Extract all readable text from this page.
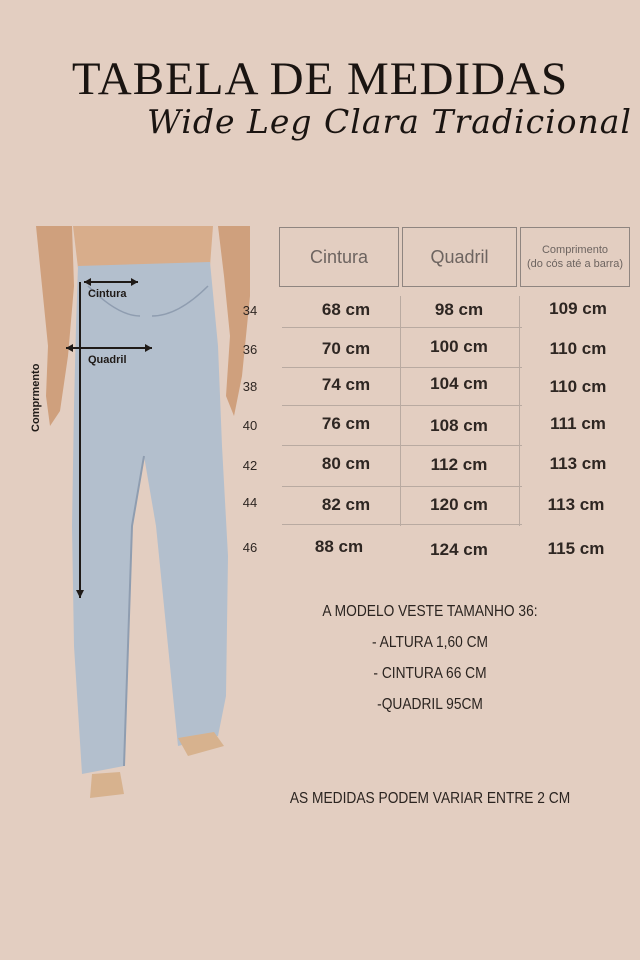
TABELA DE MEDIDAS
Wide Leg Clara Tradicional
Cintura
Quadril
Comprmento
Cintura	Quadril	Comprimento
(do cós até a barra)
34	68 cm	98 cm	109 cm
36	70 cm	100 cm	110 cm
38	74 cm	104 cm	110 cm
40	76 cm	108 cm	111 cm
42	80 cm	112 cm	113 cm
44	82 cm	120 cm	113 cm
46	88 cm	124 cm	115 cm
A MODELO VESTE TAMANHO 36:
- ALTURA 1,60 CM
- CINTURA 66 CM
-QUADRIL 95CM
AS MEDIDAS PODEM VARIAR ENTRE 2 CM
